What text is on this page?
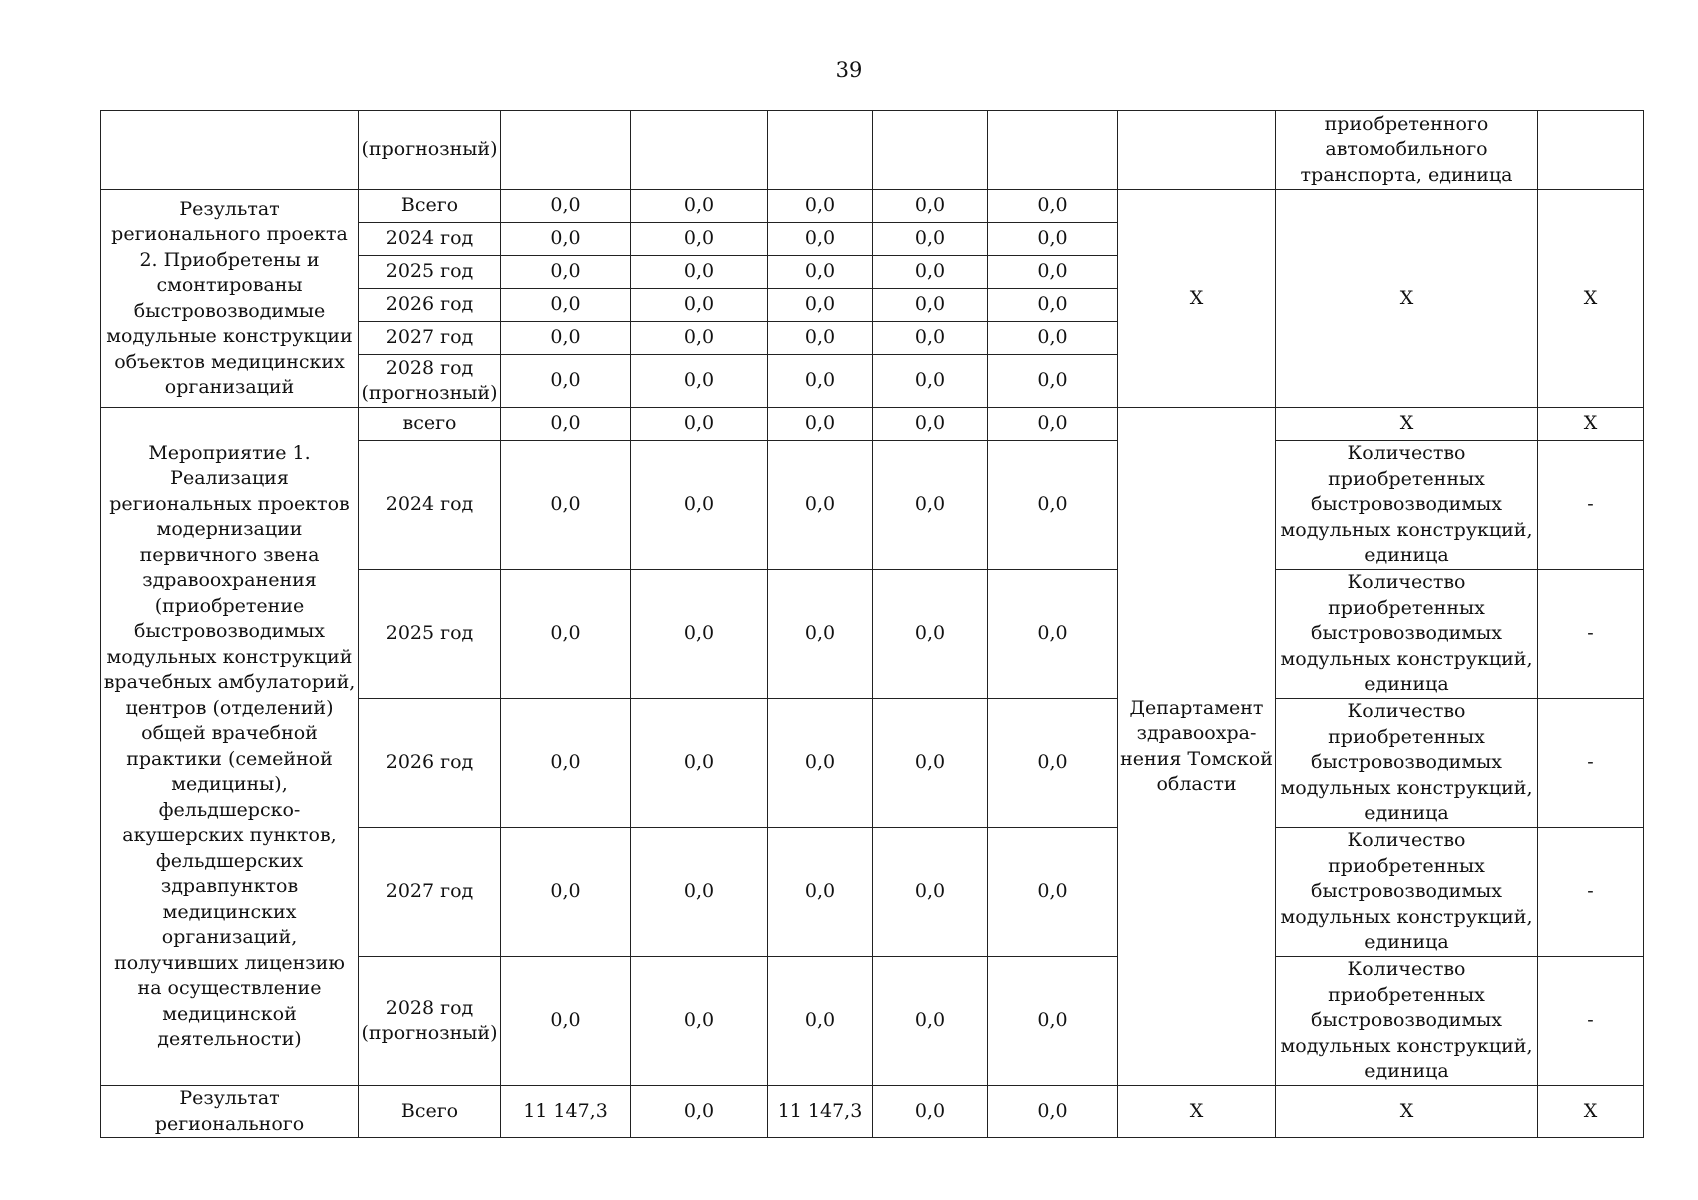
39
	(прогнозный)							приобретенного автомобильного транспорта, единица	
Результат регионального проекта 2. Приобретены и смонтированы быстровозводимые модульные конструкции объектов медицинских организаций	Всего	0,0	0,0	0,0	0,0	0,0	Х	Х	Х
	2024 год	0,0	0,0	0,0	0,0	0,0			
	2025 год	0,0	0,0	0,0	0,0	0,0			
	2026 год	0,0	0,0	0,0	0,0	0,0			
	2027 год	0,0	0,0	0,0	0,0	0,0			
	2028 год (прогнозный)	0,0	0,0	0,0	0,0	0,0			
Мероприятие 1. Реализация региональных проектов модернизации первичного звена здравоохранения (приобретение быстровозводимых модульных конструкций врачебных амбулаторий, центров (отделений) общей врачебной практики (семейной медицины), фельдшерско-акушерских пунктов, фельдшерских здравпунктов медицинских организаций, получивших лицензию на осуществление медицинской деятельности)	всего	0,0	0,0	0,0	0,0	0,0	Департамент здравоохра-нения Томской области	Х	Х
	2024 год	0,0	0,0	0,0	0,0	0,0		Количество приобретенных быстровозводимых модульных конструкций, единица	-
	2025 год	0,0	0,0	0,0	0,0	0,0		Количество приобретенных быстровозводимых модульных конструкций, единица	-
	2026 год	0,0	0,0	0,0	0,0	0,0		Количество приобретенных быстровозводимых модульных конструкций, единица	-
	2027 год	0,0	0,0	0,0	0,0	0,0		Количество приобретенных быстровозводимых модульных конструкций, единица	-
	2028 год (прогнозный)	0,0	0,0	0,0	0,0	0,0		Количество приобретенных быстровозводимых модульных конструкций, единица	-
Результат регионального	Всего	11 147,3	0,0	11 147,3	0,0	0,0	Х	Х	Х
